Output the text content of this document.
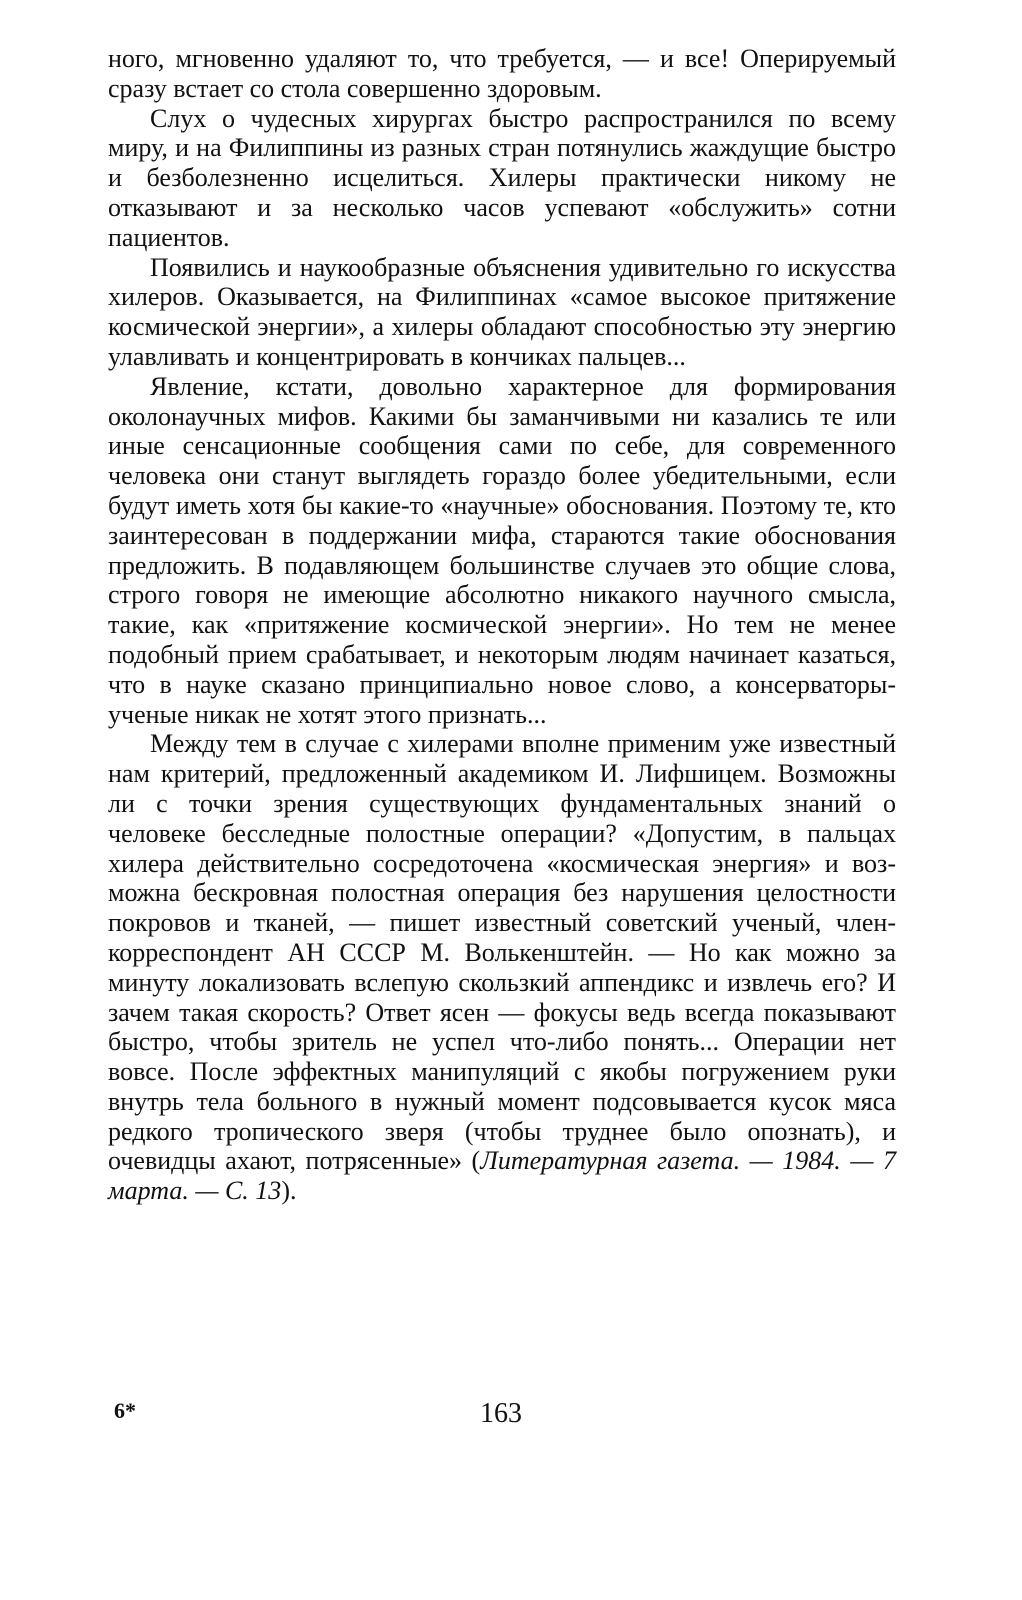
ного, мгновенно удаляют то, что требуется, — и все! Оперируемый сразу встает со стола совершенно здоровым.

Слух о чудесных хирургах быстро распространился по всему миру, и на Филиппины из разных стран потянулись жаждущие быстро и безболезненно исцелиться. Хилеры практически никому не отказывают и за несколько часов успевают «обслужить» сотни пациентов.

Появились и наукообразные объяснения удивительно го искусства хилеров. Оказывается, на Филиппинах «самое высокое притяжение космической энергии», а хилеры обладают способностью эту энергию улавливать и концентрировать в кончиках пальцев...

Явление, кстати, довольно характерное для формирования околонаучных мифов. Какими бы заманчивыми ни казались те или иные сенсационные сообщения сами по себе, для современного человека они станут выглядеть гораздо более убедительными, если будут иметь хотя бы какие-то «научные» обоснования. Поэтому те, кто заинтересован в поддержании мифа, стараются такие обоснования предложить. В подавляющем большинстве случаев это общие слова, строго говоря не имеющие абсолютно никакого научного смысла, такие, как «притяжение космической энергии». Но тем не менее подобный прием срабатывает, и некоторым людям начинает казаться, что в науке сказано принципиально новое слово, а консерваторы-ученые никак не хотят этого признать...

Между тем в случае с хилерами вполне применим уже известный нам критерий, предложенный академиком И. Лифшицем. Возможны ли с точки зрения существующих фундаментальных знаний о человеке бесследные полостные операции? «Допустим, в пальцах хилера действительно сосредоточена «космическая энергия» и возможна бескровная полостная операция без нарушения целостности покровов и тканей, — пишет известный советский ученый, член-корреспондент АН СССР М. Волькенштейн. — Но как можно за минуту локализовать вслепую скользкий аппендикс и извлечь его? И зачем такая скорость? Ответ ясен — фокусы ведь всегда показывают быстро, чтобы зритель не успел что-либо понять... Операции нет вовсе. После эффектных манипуляций с якобы погружением руки внутрь тела больного в нужный момент подсовывается кусок мяса редкого тропического зверя (чтобы труднее было опознать), и очевидцы ахают, потрясенные» (Литературная газета. — 1984. — 7 марта. — С. 13).

6*	163
